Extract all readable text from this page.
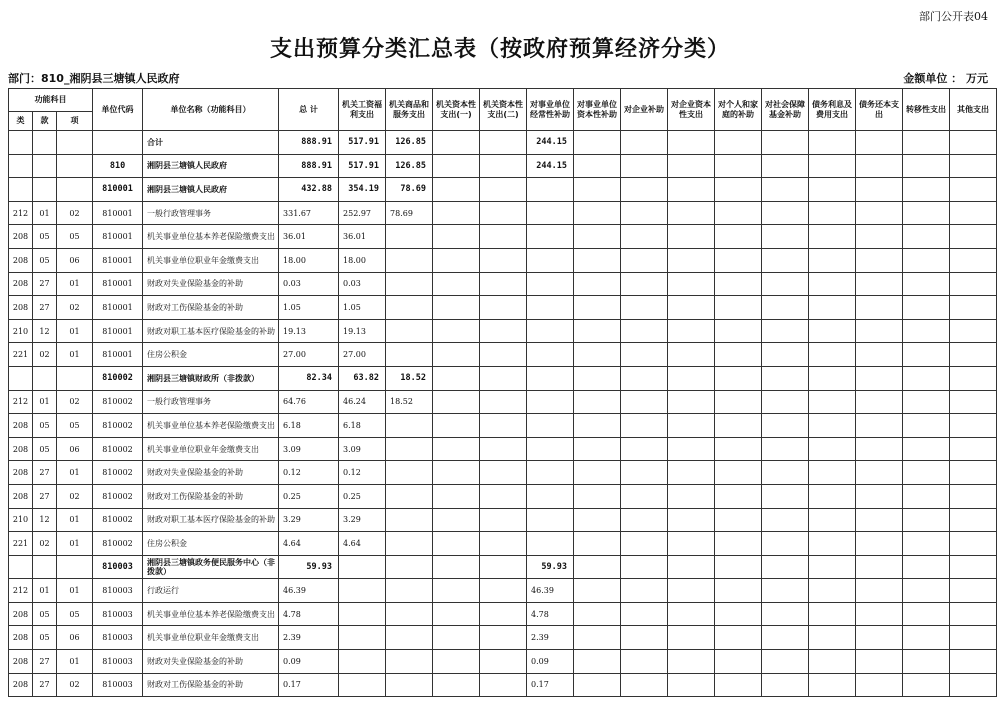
部门公开表04
支出预算分类汇总表（按政府预算经济分类）
部门：810_湘阴县三塘镇人民政府	金额单位 ： 万元
功能科目			单位代码	单位名称（功能科目）	总 计	机关工资福利支出	机关商品和服务支出	机关资本性支出(一)	机关资本性支出(二)	对事业单位经常性补助	对事业单位资本性补助	对企业补助	对企业资本性支出	对个人和家庭的补助	对社会保障基金补助	债务利息及费用支出	债务还本支出	转移性支出	其他支出
类	款	项																	
				合计	888.91	517.91	126.85			244.15									
			810	湘阴县三塘镇人民政府	888.91	517.91	126.85			244.15									
			810001	湘阴县三塘镇人民政府	432.88	354.19	78.69												
212	01	02	810001	一般行政管理事务	331.67	252.97	78.69												
208	05	05	810001	机关事业单位基本养老保险缴费支出	36.01	36.01													
208	05	06	810001	机关事业单位职业年金缴费支出	18.00	18.00													
208	27	01	810001	财政对失业保险基金的补助	0.03	0.03													
208	27	02	810001	财政对工伤保险基金的补助	1.05	1.05													
210	12	01	810001	财政对职工基本医疗保险基金的补助	19.13	19.13													
221	02	01	810001	住房公积金	27.00	27.00													
			810002	湘阴县三塘镇财政所（非拨款）	82.34	63.82	18.52												
212	01	02	810002	一般行政管理事务	64.76	46.24	18.52												
208	05	05	810002	机关事业单位基本养老保险缴费支出	6.18	6.18													
208	05	06	810002	机关事业单位职业年金缴费支出	3.09	3.09													
208	27	01	810002	财政对失业保险基金的补助	0.12	0.12													
208	27	02	810002	财政对工伤保险基金的补助	0.25	0.25													
210	12	01	810002	财政对职工基本医疗保险基金的补助	3.29	3.29													
221	02	01	810002	住房公积金	4.64	4.64													
			810003	湘阴县三塘镇政务便民服务中心（非拨款）	59.93					59.93									
212	01	01	810003	行政运行	46.39					46.39									
208	05	05	810003	机关事业单位基本养老保险缴费支出	4.78					4.78									
208	05	06	810003	机关事业单位职业年金缴费支出	2.39					2.39									
208	27	01	810003	财政对失业保险基金的补助	0.09					0.09									
208	27	02	810003	财政对工伤保险基金的补助	0.17					0.17									
